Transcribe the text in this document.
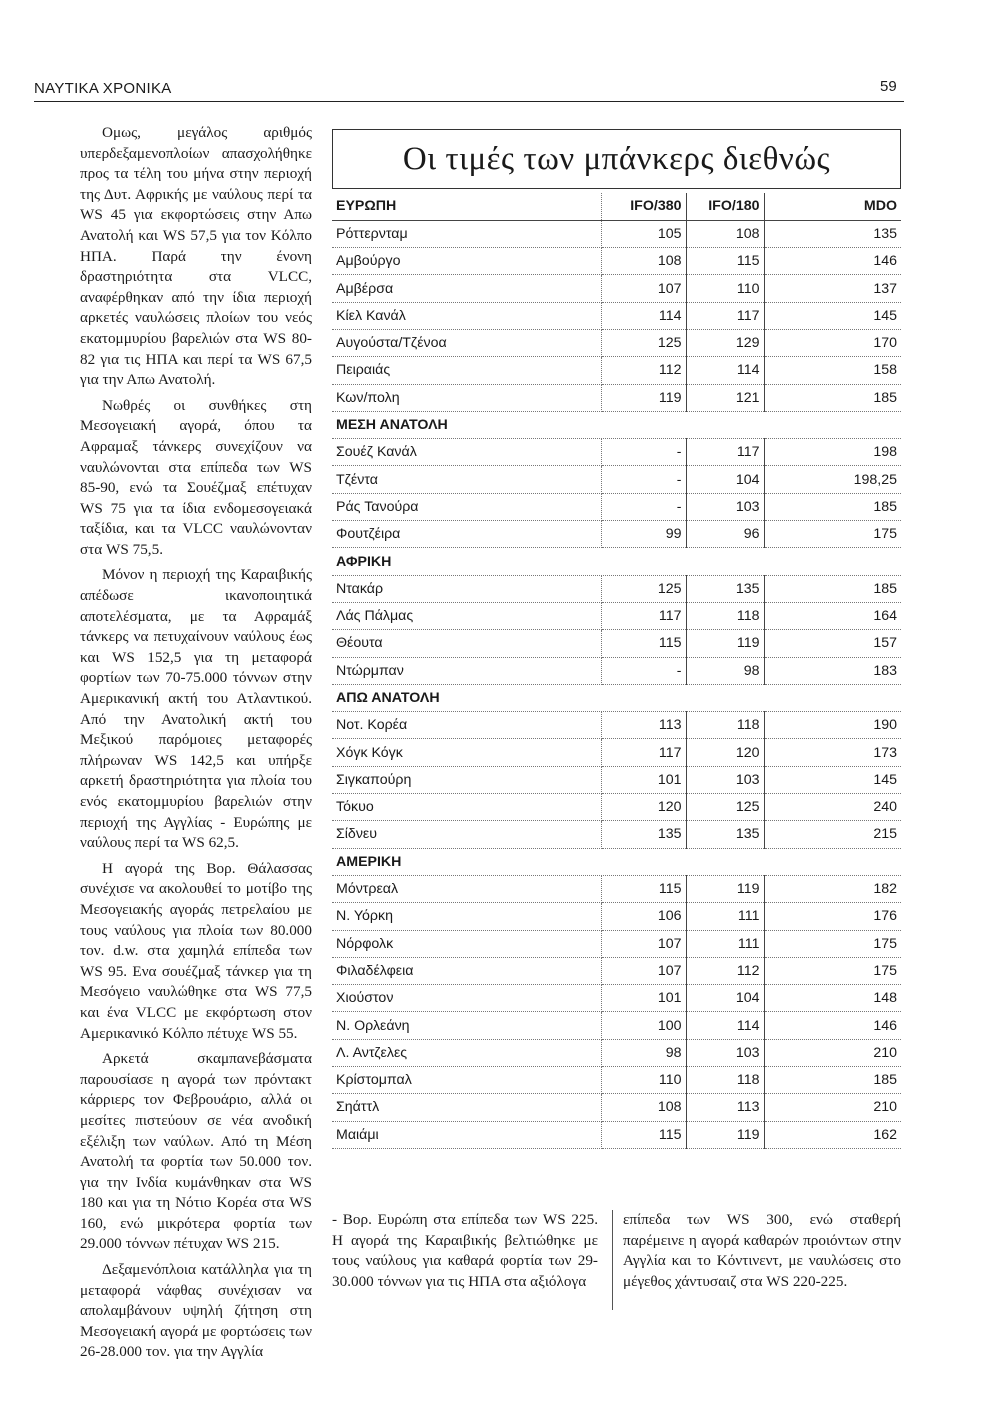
ΝΑΥΤΙΚΑ ΧΡΟΝΙΚΑ	59

Ομως, μεγάλος αριθμός υπερδεξαμενοπλοίων απασχολήθηκε προς τα τέλη του μήνα στην περιοχή της Δυτ. Αφρικής με ναύλους περί τα WS 45 για εκφορτώσεις στην Απω Ανατολή και WS 57,5 για τον Κόλπο ΗΠΑ. Παρά την ένονη δραστηριότητα στα VLCC, αναφέρθηκαν από την ίδια περιοχή αρκετές ναυλώσεις πλοίων του νεός εκατομμυρίου βαρελιών στα WS 80-82 για τις ΗΠΑ και περί τα WS 67,5 για την Απω Ανατολή.

Νωθρές οι συνθήκες στη Μεσογειακή αγορά, όπου τα Αφραμαξ τάνκερς συνεχίζουν να ναυλώνονται στα επίπεδα των WS 85-90, ενώ τα Σουέζμαξ επέτυχαν WS 75 για τα ίδια ενδομεσογειακά ταξίδια, και τα VLCC ναυλώνονταν στα WS 75,5.

Μόνον η περιοχή της Καραιβικής απέδωσε ικανοποιητικά αποτελέσματα, με τα Αφραμάξ τάνκερς να πετυχαίνουν ναύλους έως και WS 152,5 για τη μεταφορά φορτίων των 70-75.000 τόννων στην Αμερικανική ακτή του Ατλαντικού. Από την Ανατολική ακτή του Μεξικού παρόμοιες μεταφορές πλήρωναν WS 142,5 και υπήρξε αρκετή δραστηριότητα για πλοία του ενός εκατομμυρίου βαρελιών στην περιοχή της Αγγλίας - Ευρώπης με ναύλους περί τα WS 62,5.

Η αγορά της Βορ. Θάλασσας συνέχισε να ακολουθεί το μοτίβο της Μεσογειακής αγοράς πετρελαίου με τους ναύλους για πλοία των 80.000 τον. d.w. στα χαμηλά επίπεδα των WS 95. Ενα σουέζμαξ τάνκερ για τη Μεσόγειο ναυλώθηκε στα WS 77,5 και ένα VLCC με εκφόρτωση στον Αμερικανικό Κόλπο πέτυχε WS 55.

Αρκετά σκαμπανεβάσματα παρουσίασε η αγορά των πρόντακτ κάρριερς τον Φεβρουάριο, αλλά οι μεσίτες πιστεύουν σε νέα ανοδική εξέλιξη των ναύλων. Από τη Μέση Ανατολή τα φορτία των 50.000 τον. για την Ινδία κυμάνθηκαν στα WS 180 και για τη Νότιο Κορέα στα WS 160, ενώ μικρότερα φορτία των 29.000 τόννων πέτυχαν WS 215.

Δεξαμενόπλοια κατάλληλα για τη μεταφορά νάφθας συνέχισαν να απολαμβάνουν υψηλή ζήτηση στη Μεσογειακή αγορά με φορτώσεις των 26-28.000 τον. για την Αγγλία

Οι τιμές των μπάνκερς διεθνώς
ΕΥΡΩΠΗ	IFO/380	IFO/180	MDO
Ρόττερνταμ	105	108	135
Αμβούργο	108	115	146
Αμβέρσα	107	110	137
Κίελ Κανάλ	114	117	145
Αυγούστα/Τζένοα	125	129	170
Πειραιάς	112	114	158
Κων/πολη	119	121	185
ΜΕΣΗ ΑΝΑΤΟΛΗ			
Σουέζ Κανάλ	-	117	198
Τζέντα	-	104	198,25
Ράς Τανούρα	-	103	185
Φουτζέιρα	99	96	175
ΑΦΡΙΚΗ			
Ντακάρ	125	135	185
Λάς Πάλμας	117	118	164
Θέουτα	115	119	157
Ντώρμπαν	-	98	183
ΑΠΩ ΑΝΑΤΟΛΗ			
Νοτ. Κορέα	113	118	190
Χόγκ Κόγκ	117	120	173
Σιγκαπούρη	101	103	145
Τόκυο	120	125	240
Σίδνευ	135	135	215
ΑΜΕΡΙΚΗ			
Μόντρεαλ	115	119	182
Ν. Υόρκη	106	111	176
Νόρφολκ	107	111	175
Φιλαδέλφεια	107	112	175
Χιούστον	101	104	148
Ν. Ορλεάνη	100	114	146
Λ. Αντζελες	98	103	210
Κρίστομπαλ	110	118	185
Σηάττλ	108	113	210
Μαιάμι	115	119	162

- Βορ. Ευρώπη στα επίπεδα των WS 225. Η αγορά της Καραιβικής βελτιώθηκε με τους ναύλους για καθαρά φορτία των 29-30.000 τόννων για τις ΗΠΑ στα αξιόλογα

επίπεδα των WS 300, ενώ σταθερή παρέμεινε η αγορά καθαρών προιόντων στην Αγγλία και το Κόντινεντ, με ναυλώσεις στο μέγεθος χάντυσαιζ στα WS 220-225.
